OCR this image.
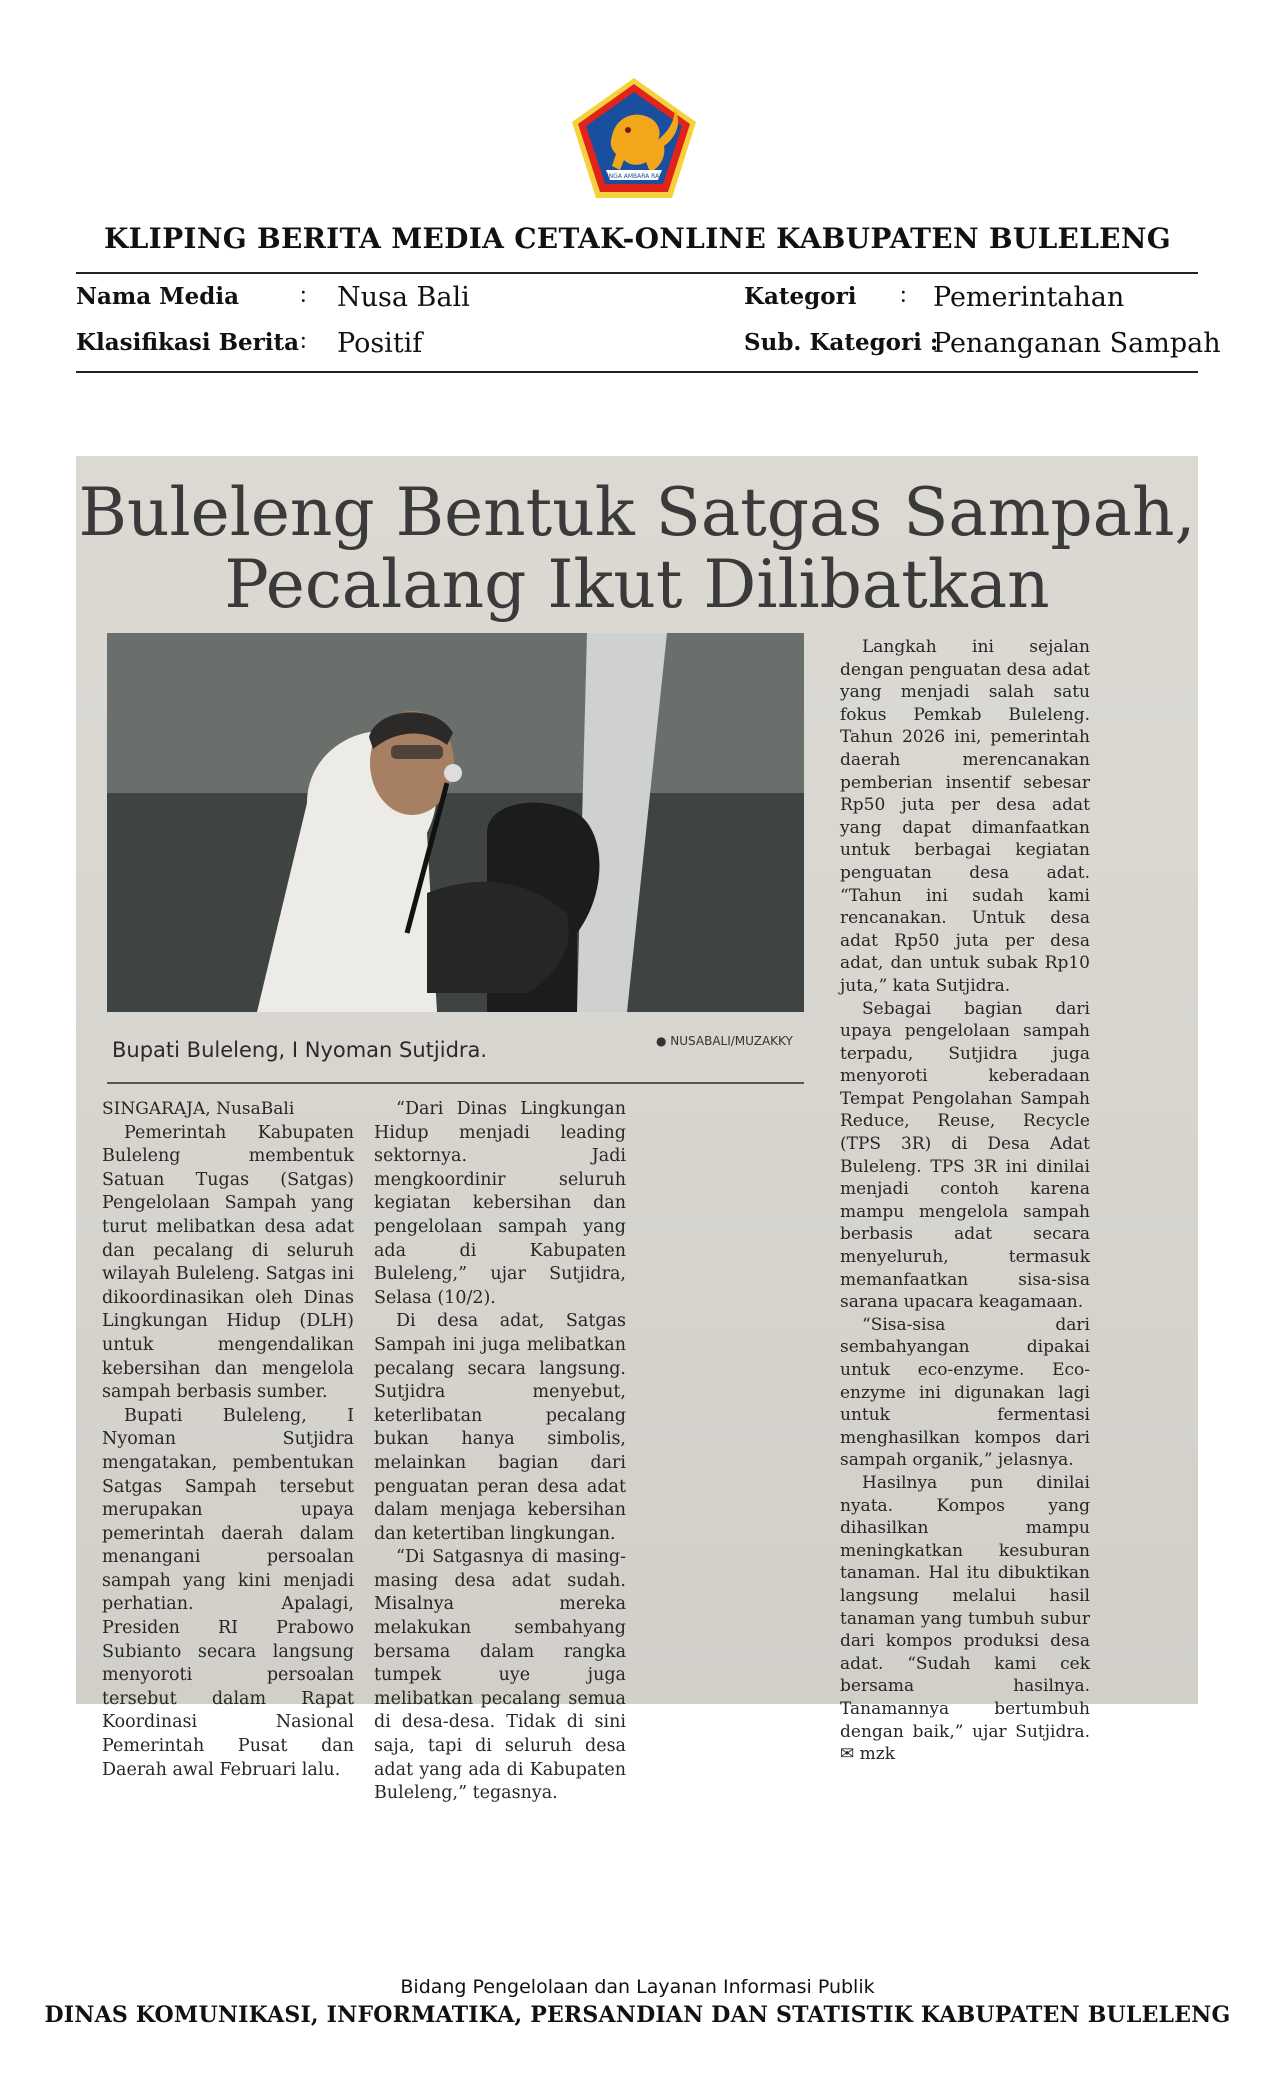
SINGA AMBARA RAJA
KLIPING BERITA MEDIA CETAK-ONLINE KABUPATEN BULELENG
Nama Media	: Nusa Bali	Kategori : Pemerintahan
Klasifikasi Berita : Positif	Sub. Kategori :
Penanganan Sampah
Buleleng Bentuk Satgas Sampah,
Pecalang Ikut Dilibatkan
Bupati Buleleng, I Nyoman Sutjidra.	● NUSABALI/MUZAKKY

SINGARAJA, NusaBali

Pemerintah Kabupaten Buleleng membentuk Satuan Tugas (Satgas) Pengelolaan Sampah yang turut melibatkan desa adat dan pecalang di seluruh wilayah Buleleng. Satgas ini dikoordinasikan oleh Dinas Lingkungan Hidup (DLH) untuk mengendalikan kebersihan dan mengelola sampah berbasis sumber.

Bupati Buleleng, I Nyoman Sutjidra mengatakan, pembentukan Satgas Sampah tersebut merupakan upaya pemerintah daerah dalam menangani persoalan sampah yang kini menjadi perhatian. Apalagi, Presiden RI Prabowo Subianto secara langsung menyoroti persoalan tersebut dalam Rapat Koordinasi Nasional Pemerintah Pusat dan Daerah awal Februari lalu.

“Dari Dinas Lingkungan Hidup menjadi leading sektornya. Jadi mengkoordinir seluruh kegiatan kebersihan dan pengelolaan sampah yang ada di Kabupaten Buleleng,” ujar Sutjidra, Selasa (10/2).

Di desa adat, Satgas Sampah ini juga melibatkan pecalang secara langsung. Sutjidra menyebut, keterlibatan pecalang bukan hanya simbolis, melainkan bagian dari penguatan peran desa adat dalam menjaga kebersihan dan ketertiban lingkungan.

“Di Satgasnya di masing-masing desa adat sudah. Misalnya mereka melakukan sembahyang bersama dalam rangka tumpek uye juga melibatkan pecalang semua di desa-desa. Tidak di sini saja, tapi di seluruh desa adat yang ada di Kabupaten Buleleng,” tegasnya.

Langkah ini sejalan dengan penguatan desa adat yang menjadi salah satu fokus Pemkab Buleleng. Tahun 2026 ini, pemerintah daerah merencanakan pemberian insentif sebesar Rp50 juta per desa adat yang dapat dimanfaatkan untuk berbagai kegiatan penguatan desa adat. “Tahun ini sudah kami rencanakan. Untuk desa adat Rp50 juta per desa adat, dan untuk subak Rp10 juta,” kata Sutjidra.

Sebagai bagian dari upaya pengelolaan sampah terpadu, Sutjidra juga menyoroti keberadaan Tempat Pengolahan Sampah Reduce, Reuse, Recycle (TPS 3R) di Desa Adat Buleleng. TPS 3R ini dinilai menjadi contoh karena mampu mengelola sampah berbasis adat secara menyeluruh, termasuk memanfaatkan sisa-sisa sarana upacara keagamaan.

“Sisa-sisa dari sembahyangan dipakai untuk eco-enzyme. Eco-enzyme ini digunakan lagi untuk fermentasi menghasilkan kompos dari sampah organik,” jelasnya.

Hasilnya pun dinilai nyata. Kompos yang dihasilkan mampu meningkatkan kesuburan tanaman. Hal itu dibuktikan langsung melalui hasil tanaman yang tumbuh subur dari kompos produksi desa adat. “Sudah kami cek bersama hasilnya. Tanamannya bertumbuh dengan baik,” ujar Sutjidra. ✉ mzk

Bidang Pengelolaan dan Layanan Informasi Publik
DINAS KOMUNIKASI, INFORMATIKA, PERSANDIAN DAN STATISTIK KABUPATEN BULELENG
